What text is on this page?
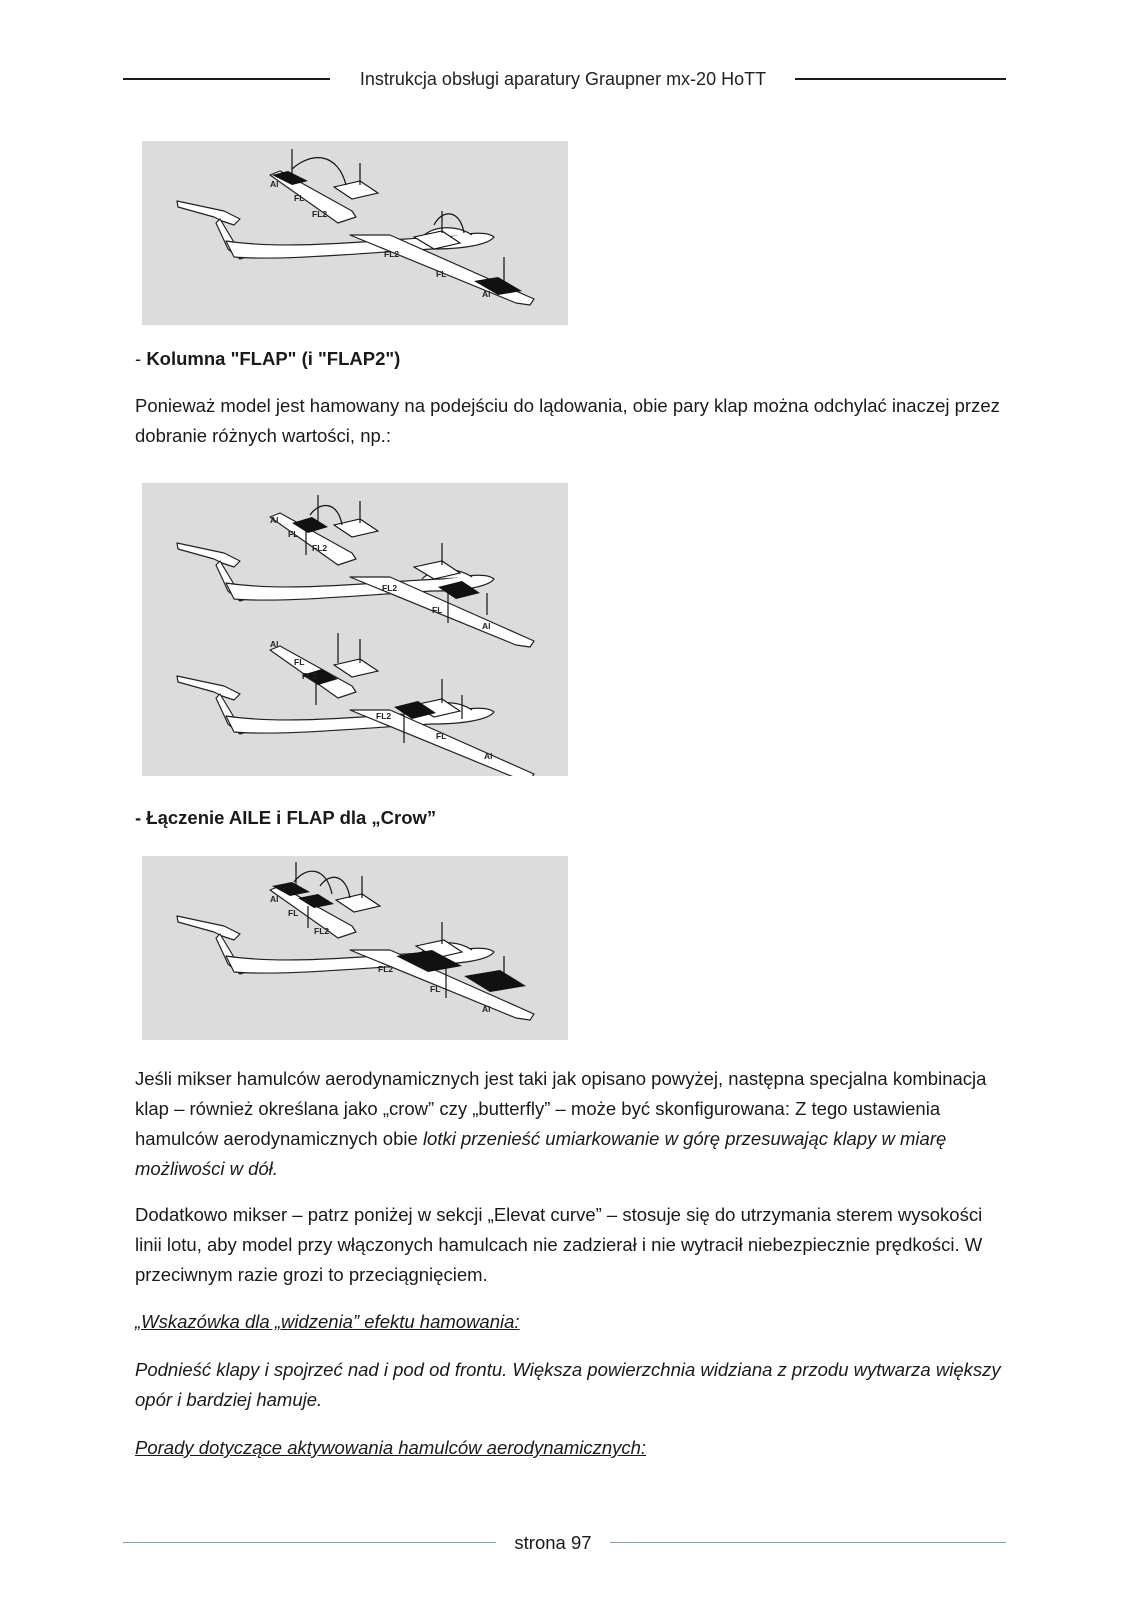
Instrukcja obsługi aparatury Graupner mx-20 HoTT
Al
FL
FL2
FL2
FL
Al

- Kolumna "FLAP" (i "FLAP2")

Ponieważ model jest hamowany na podejściu do lądowania, obie pary klap można odchylać inaczej przez dobranie różnych wartości, np.:

Al
FL
FL2
FL2
FL
Al
Al
FL
FL2
FL2
FL
Al

- Łączenie AILE i FLAP dla „Crow”

Al
FL
FL2
FL2
FL
Al

Jeśli mikser hamulców aerodynamicznych jest taki jak opisano powyżej, następna specjalna kombinacja klap – również określana jako „crow” czy „butterfly” – może być skonfigurowana: Z tego ustawienia hamulców aerodynamicznych obie lotki przenieść umiarkowanie w górę przesuwając klapy w miarę możliwości w dół.

Dodatkowo mikser – patrz poniżej w sekcji „Elevat curve” – stosuje się do utrzymania sterem wysokości linii lotu, aby model przy włączonych hamulcach nie zadzierał i nie wytracił niebezpiecznie prędkości. W przeciwnym razie grozi to przeciągnięciem.

„Wskazówka dla „widzenia” efektu hamowania:

Podnieść klapy i spojrzeć nad i pod od frontu. Większa powierzchnia widziana z przodu wytwarza większy opór i bardziej hamuje.

Porady dotyczące aktywowania hamulców aerodynamicznych:

strona 97
